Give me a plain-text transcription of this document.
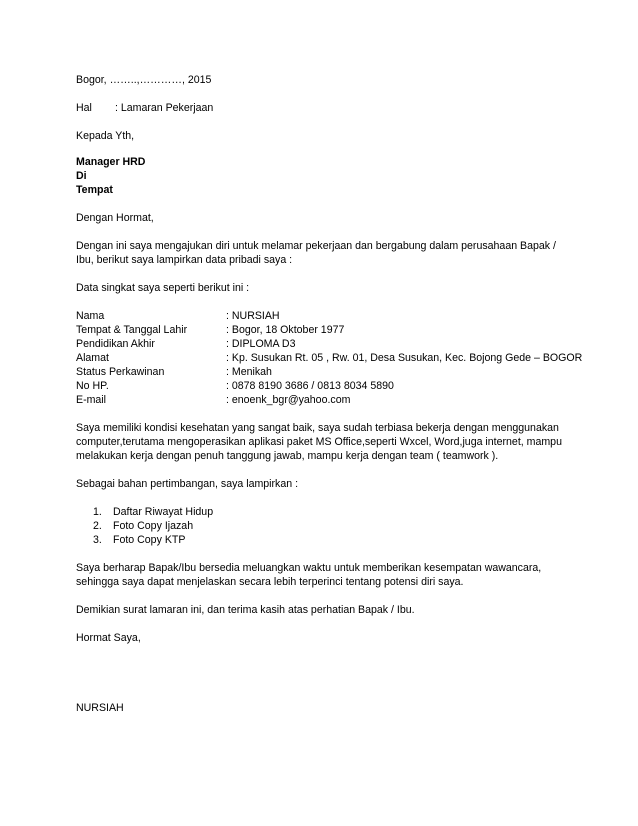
Bogor, ……..,…………, 2015
Hal : Lamaran Pekerjaan
Kepada Yth,
Manager HRD
Di
Tempat
Dengan Hormat,
Dengan ini saya mengajukan diri untuk melamar pekerjaan dan bergabung dalam perusahaan Bapak / Ibu, berikut saya lampirkan data pribadi saya :
Data singkat saya seperti berikut ini :
Nama	: NURSIAH
Tempat & Tanggal Lahir	: Bogor, 18 Oktober 1977
Pendidikan Akhir	: DIPLOMA D3
Alamat	: Kp. Susukan Rt. 05 , Rw. 01, Desa Susukan, Kec. Bojong Gede – BOGOR
Status Perkawinan	: Menikah
No HP.	: 0878 8190 3686 / 0813 8034 5890
E-mail	: enoenk_bgr@yahoo.com
Saya memiliki kondisi kesehatan yang sangat baik, saya sudah terbiasa bekerja dengan menggunakan computer,terutama mengoperasikan aplikasi paket MS Office,seperti Wxcel, Word,juga internet, mampu melakukan kerja dengan penuh tanggung jawab, mampu kerja dengan team ( teamwork ).
Sebagai bahan pertimbangan, saya lampirkan :
1. Daftar Riwayat Hidup
2. Foto Copy Ijazah
3. Foto Copy KTP
Saya berharap Bapak/Ibu bersedia meluangkan waktu untuk memberikan kesempatan wawancara, sehingga saya dapat menjelaskan secara lebih terperinci tentang potensi diri saya.
Demikian surat lamaran ini, dan terima kasih atas perhatian Bapak / Ibu.
Hormat Saya,
NURSIAH
